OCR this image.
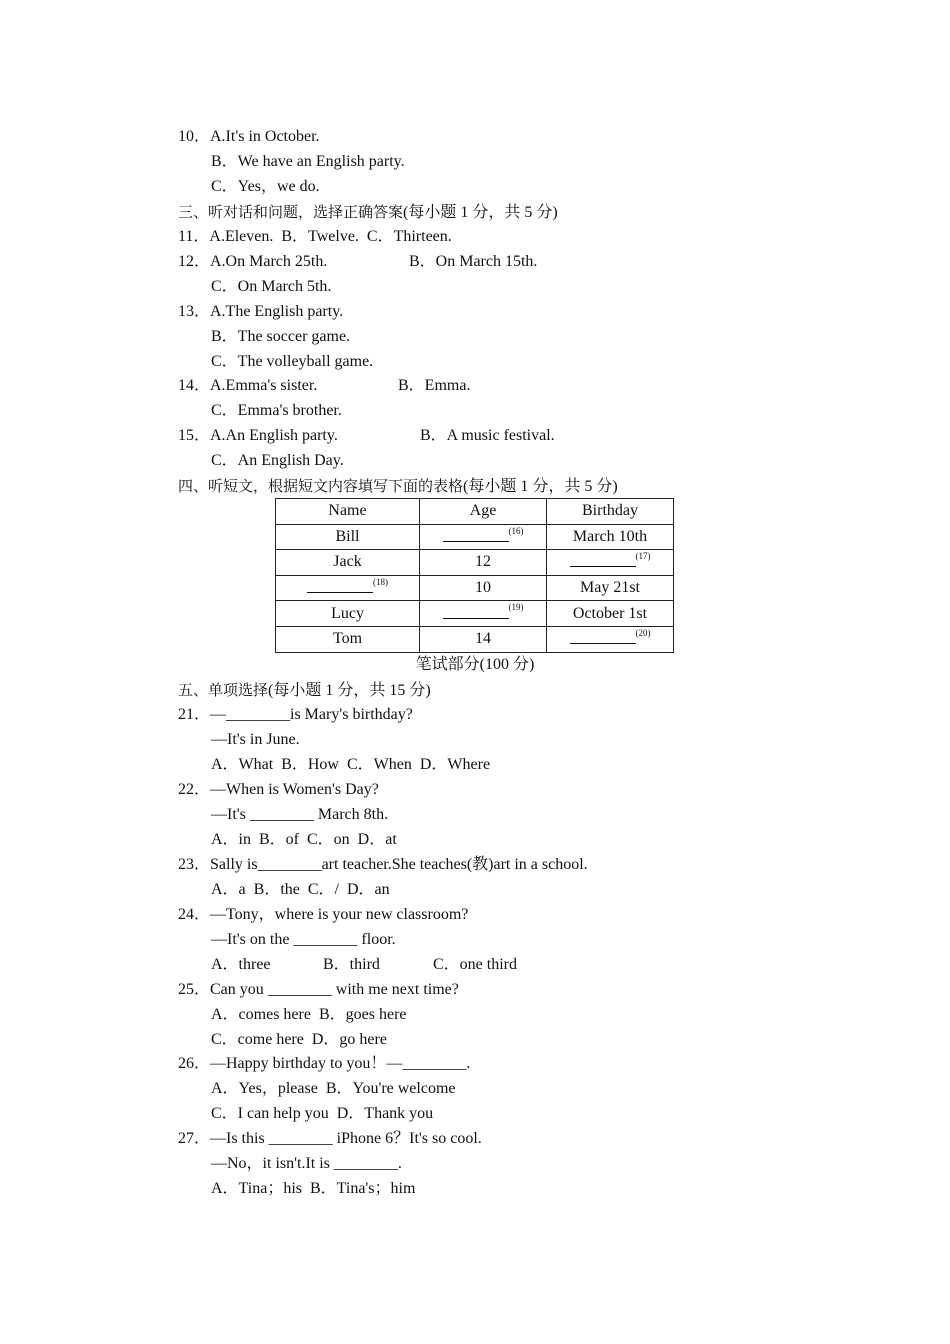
10．A.It's in October.
B．We have an English party.
C．Yes，we do.
三、听对话和问题，选择正确答案(每小题 1 分，共 5 分)
11．A.Eleven.  B．Twelve.  C．Thirteen.
12．A.On March 25th.	B．On March 15th.
C．On March 5th.
13．A.The English party.
B．The soccer game.
C．The volleyball game.
14．A.Emma's sister.	B．Emma.
C．Emma's brother.
15．A.An English party.	B．A music festival.
C．An English Day.
四、听短文，根据短文内容填写下面的表格(每小题 1 分，共 5 分)
Name	Age	Birthday
Bill	$^{(16)}$	March 10th
Jack	12	$^{(17)}$
$^{(18)}$	10	May 21st
Lucy	$^{(19)}$	October 1st
Tom	14	$^{(20)}$
笔试部分(100 分)
五、单项选择(每小题 1 分，共 15 分)
21．—________is Mary's birthday?
—It's in June.
A．What  B．How  C．When  D．Where
22．—When is Women's Day?
—It's ________ March 8th.
A．in  B．of  C．on  D．at
23．Sally is________art teacher.She teaches(教)art in a school.
A．a  B．the  C．/  D．an
24．—Tony，where is your new classroom?
—It's on the ________ floor.
A．three	B．third	C．one third
25．Can you ________ with me next time?
A．comes here  B．goes here
C．come here  D．go here
26．—Happy birthday to you！—________.
A．Yes，please  B．You're welcome
C．I can help you  D．Thank you
27．—Is this ________ iPhone 6？It's so cool.
—No，it isn't.It is ________.
A．Tina；his  B．Tina's；him
